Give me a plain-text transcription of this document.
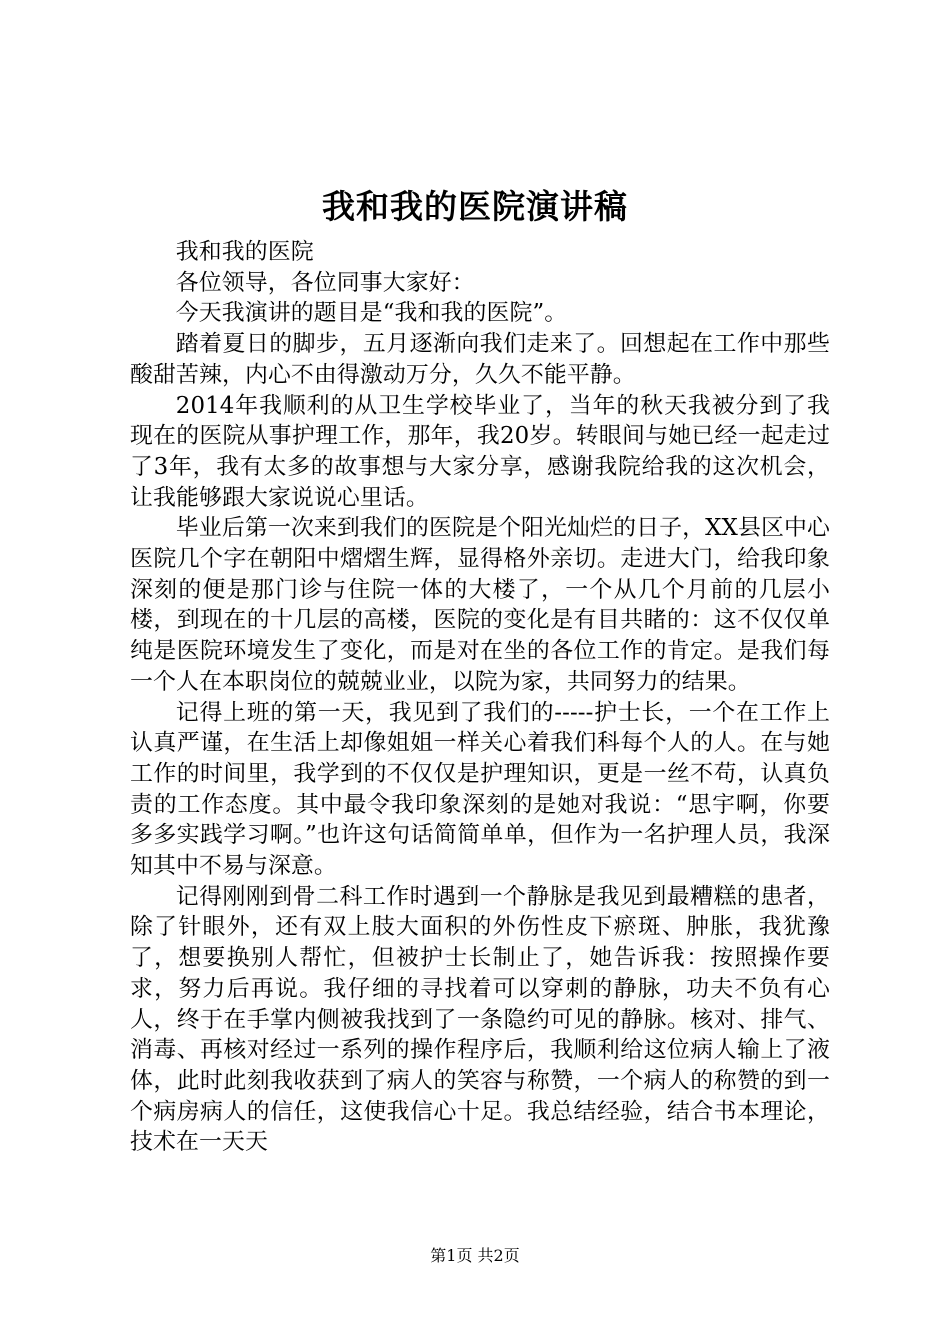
我和我的医院演讲稿

我和我的医院

各位领导，各位同事大家好：

今天我演讲的题目是“我和我的医院”。

踏着夏日的脚步，五月逐渐向我们走来了。回想起在工作中那些酸甜苦辣，内心不由得激动万分，久久不能平静。

2014年我顺利的从卫生学校毕业了，当年的秋天我被分到了我现在的医院从事护理工作，那年，我20岁。转眼间与她已经一起走过了3年，我有太多的故事想与大家分享，感谢我院给我的这次机会，让我能够跟大家说说心里话。

毕业后第一次来到我们的医院是个阳光灿烂的日子，XX县区中心医院几个字在朝阳中熠熠生辉，显得格外亲切。走进大门，给我印象深刻的便是那门诊与住院一体的大楼了，一个从几个月前的几层小楼，到现在的十几层的高楼，医院的变化是有目共睹的：这不仅仅单纯是医院环境发生了变化，而是对在坐的各位工作的肯定。是我们每一个人在本职岗位的兢兢业业，以院为家，共同努力的结果。

记得上班的第一天，我见到了我们的-----护士长，一个在工作上认真严谨，在生活上却像姐姐一样关心着我们科每个人的人。在与她工作的时间里，我学到的不仅仅是护理知识，更是一丝不苟，认真负责的工作态度。其中最令我印象深刻的是她对我说：“思宇啊，你要多多实践学习啊。”也许这句话简简单单，但作为一名护理人员，我深知其中不易与深意。

记得刚刚到骨二科工作时遇到一个静脉是我见到最糟糕的患者，除了针眼外，还有双上肢大面积的外伤性皮下瘀斑、肿胀，我犹豫了，想要换别人帮忙，但被护士长制止了，她告诉我：按照操作要求，努力后再说。我仔细的寻找着可以穿刺的静脉，功夫不负有心人，终于在手掌内侧被我找到了一条隐约可见的静脉。核对、排气、消毒、再核对经过一系列的操作程序后，我顺利给这位病人输上了液体，此时此刻我收获到了病人的笑容与称赞，一个病人的称赞的到一个病房病人的信任，这使我信心十足。我总结经验，结合书本理论，技术在一天天

第1页 共2页
